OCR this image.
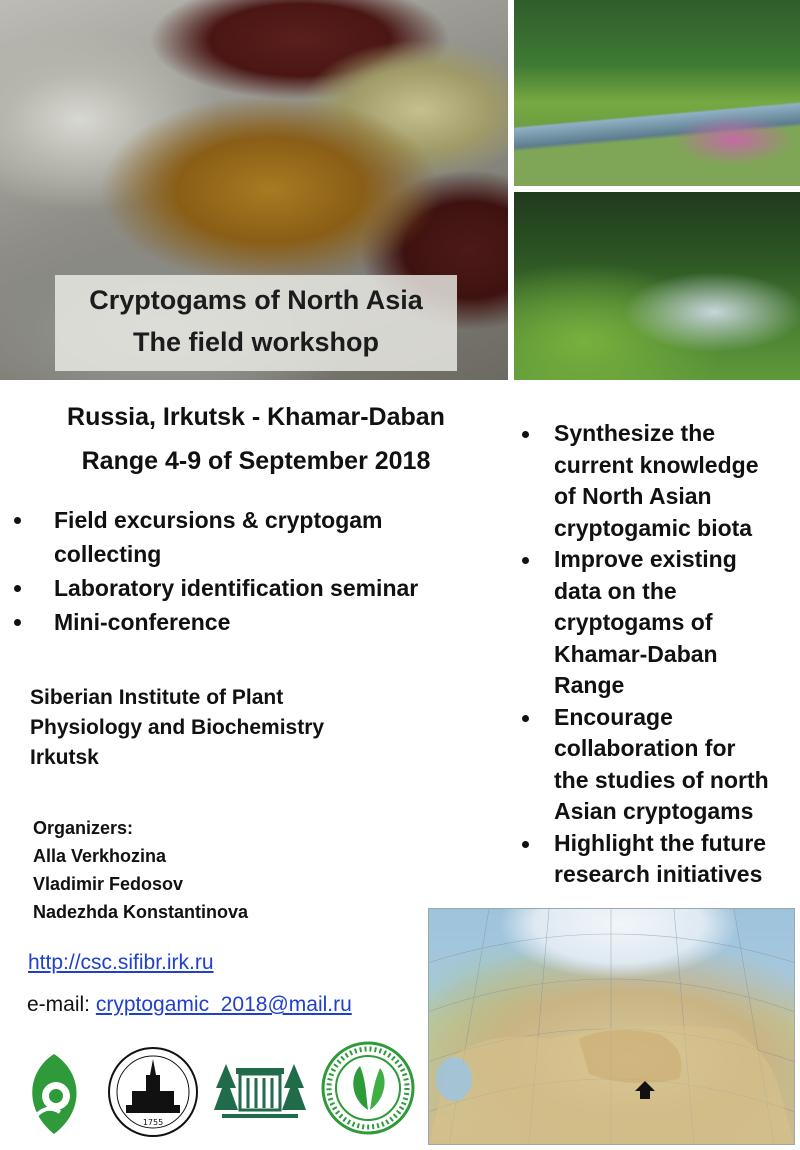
Cryptogams of North Asia
The field workshop
Russia, Irkutsk - Khamar-Daban
Range 4-9 of September 2018
Field excursions & cryptogam
collecting
Laboratory identification seminar
Mini-conference
Synthesize the
current knowledge
of North Asian
cryptogamic biota
Improve existing
data on the
cryptogams of
Khamar-Daban
Range
Encourage
collaboration for
the studies of north
Asian cryptogams
Highlight the future
research initiatives
Siberian Institute of Plant
Physiology and Biochemistry
Irkutsk
Organizers:
Alla Verkhozina
Vladimir Fedosov
Nadezhda Konstantinova
http://csc.sifibr.irk.ru
e-mail: cryptogamic_2018@mail.ru
1755
